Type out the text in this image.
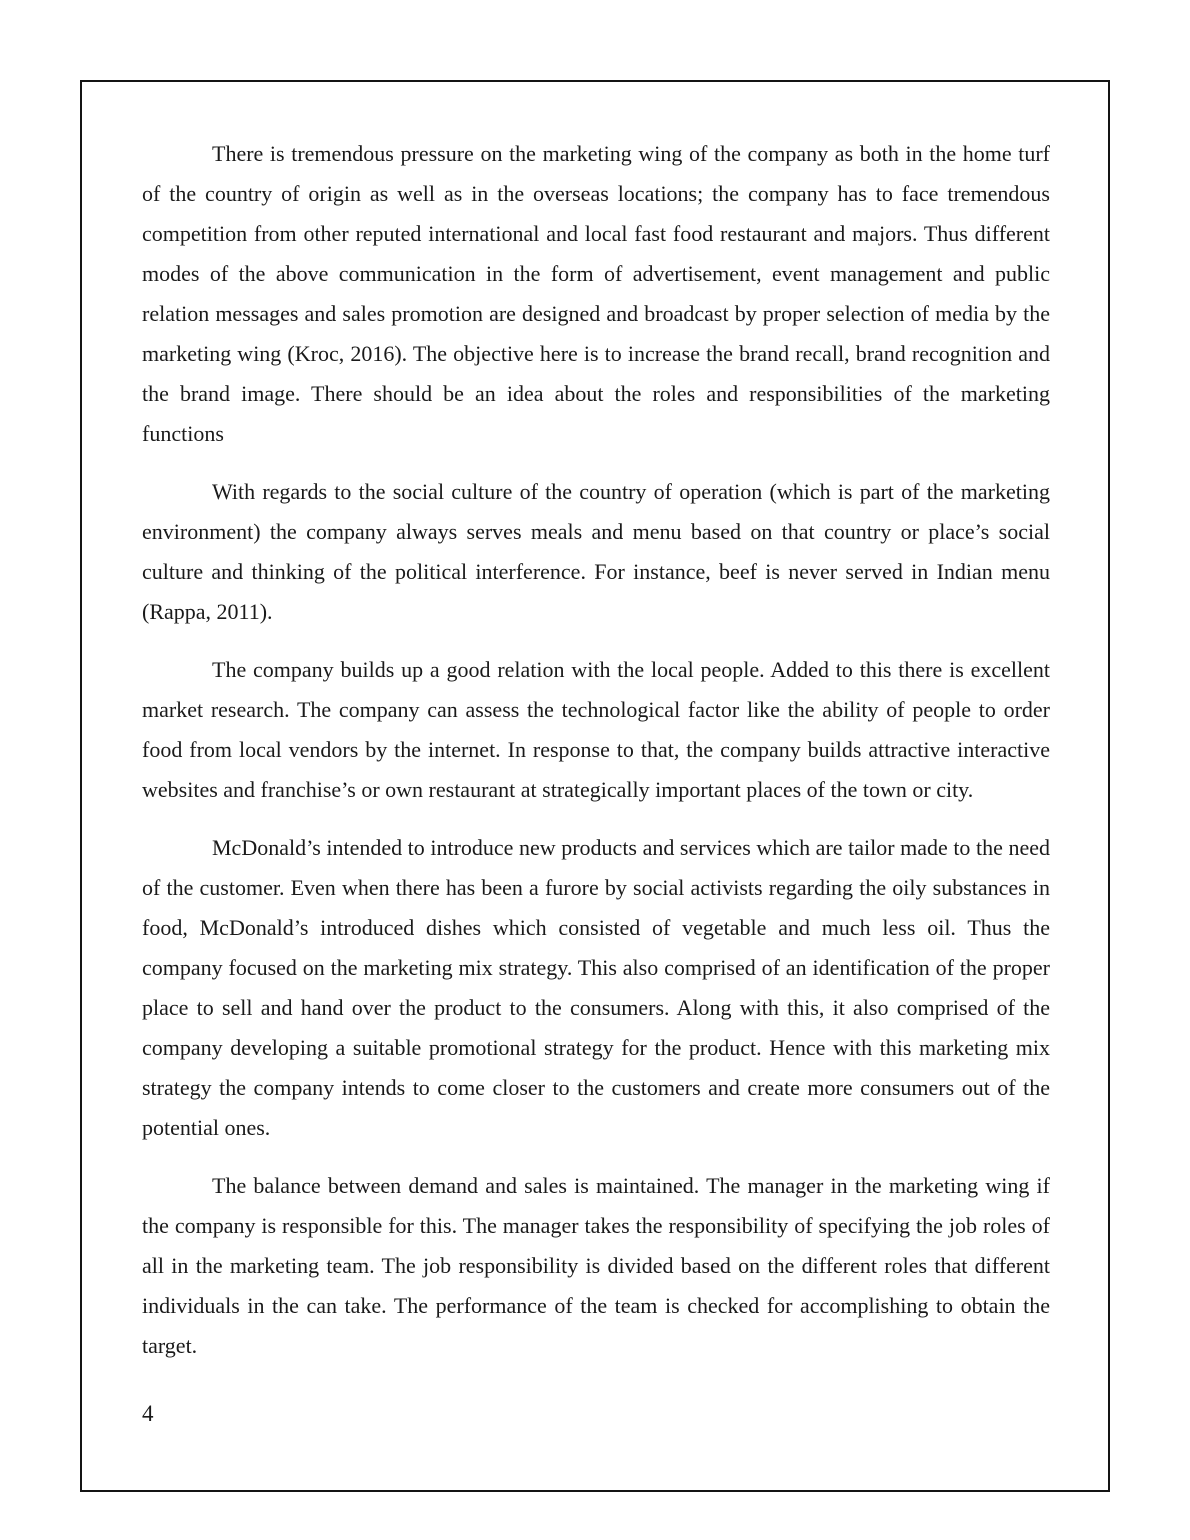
There is tremendous pressure on the marketing wing of the company as both in the home turf of the country of origin as well as in the overseas locations; the company has to face tremendous competition from other reputed international and local fast food restaurant and majors. Thus different modes of the above communication in the form of advertisement, event management and public relation messages and sales promotion are designed and broadcast by proper selection of media by the marketing wing (Kroc, 2016). The objective here is to increase the brand recall, brand recognition and the brand image. There should be an idea about the roles and responsibilities of the marketing functions

With regards to the social culture of the country of operation (which is part of the marketing environment) the company always serves meals and menu based on that country or place’s social culture and thinking of the political interference. For instance, beef is never served in Indian menu (Rappa, 2011).

The company builds up a good relation with the local people. Added to this there is excellent market research. The company can assess the technological factor like the ability of people to order food from local vendors by the internet. In response to that, the company builds attractive interactive websites and franchise’s or own restaurant at strategically important places of the town or city.

McDonald’s intended to introduce new products and services which are tailor made to the need of the customer. Even when there has been a furore by social activists regarding the oily substances in food, McDonald’s introduced dishes which consisted of vegetable and much less oil. Thus the company focused on the marketing mix strategy. This also comprised of an identification of the proper place to sell and hand over the product to the consumers. Along with this, it also comprised of the company developing a suitable promotional strategy for the product. Hence with this marketing mix strategy the company intends to come closer to the customers and create more consumers out of the potential ones.

The balance between demand and sales is maintained. The manager in the marketing wing if the company is responsible for this. The manager takes the responsibility of specifying the job roles of all in the marketing team. The job responsibility is divided based on the different roles that different individuals in the can take. The performance of the team is checked for accomplishing to obtain the target.

4
